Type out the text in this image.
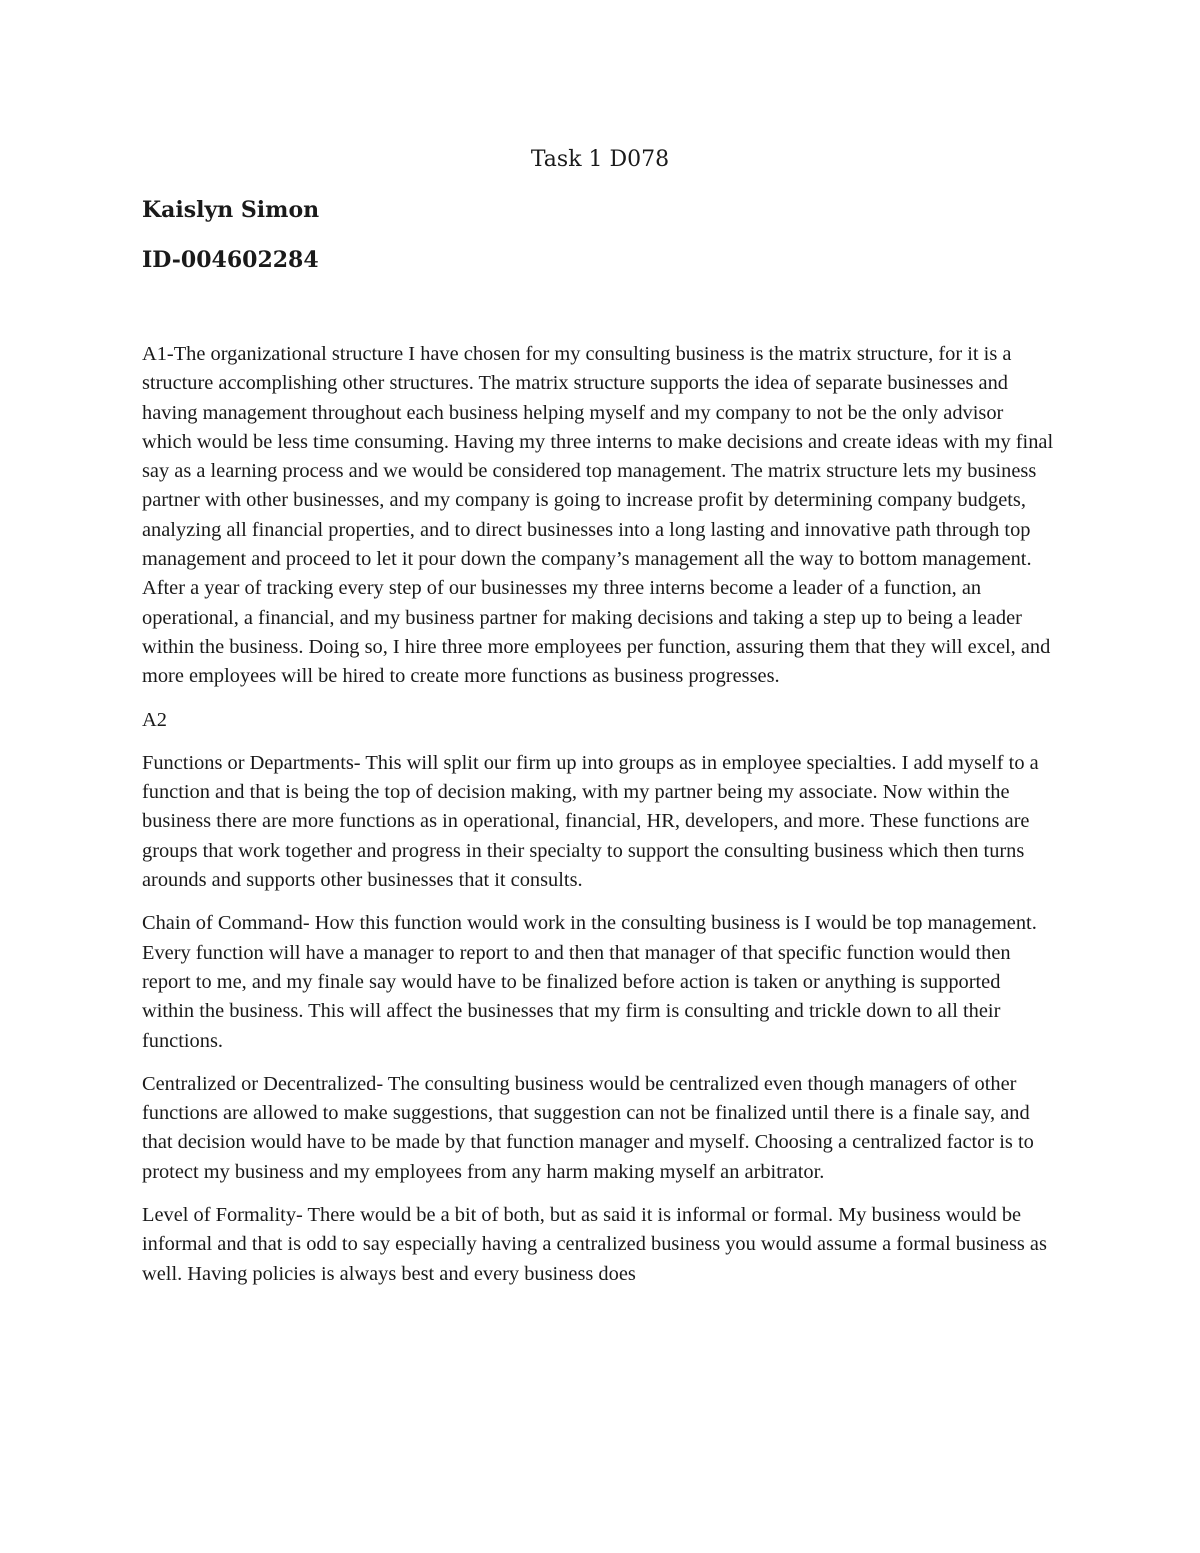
Task 1 D078
Kaislyn Simon
ID-004602284

A1-The organizational structure I have chosen for my consulting business is the matrix structure, for it is a structure accomplishing other structures. The matrix structure supports the idea of separate businesses and having management throughout each business helping myself and my company to not be the only advisor which would be less time consuming. Having my three interns to make decisions and create ideas with my final say as a learning process and we would be considered top management. The matrix structure lets my business partner with other businesses, and my company is going to increase profit by determining company budgets, analyzing all financial properties, and to direct businesses into a long lasting and innovative path through top management and proceed to let it pour down the company’s management all the way to bottom management. After a year of tracking every step of our businesses my three interns become a leader of a function, an operational, a financial, and my business partner for making decisions and taking a step up to being a leader within the business. Doing so, I hire three more employees per function, assuring them that they will excel, and more employees will be hired to create more functions as business progresses.

A2

Functions or Departments- This will split our firm up into groups as in employee specialties. I add myself to a function and that is being the top of decision making, with my partner being my associate. Now within the business there are more functions as in operational, financial, HR, developers, and more. These functions are groups that work together and progress in their specialty to support the consulting business which then turns arounds and supports other businesses that it consults.

Chain of Command- How this function would work in the consulting business is I would be top management. Every function will have a manager to report to and then that manager of that specific function would then report to me, and my finale say would have to be finalized before action is taken or anything is supported within the business. This will affect the businesses that my firm is consulting and trickle down to all their functions.

Centralized or Decentralized- The consulting business would be centralized even though managers of other functions are allowed to make suggestions, that suggestion can not be finalized until there is a finale say, and that decision would have to be made by that function manager and myself. Choosing a centralized factor is to protect my business and my employees from any harm making myself an arbitrator.

Level of Formality- There would be a bit of both, but as said it is informal or formal. My business would be informal and that is odd to say especially having a centralized business you would assume a formal business as well. Having policies is always best and every business does
